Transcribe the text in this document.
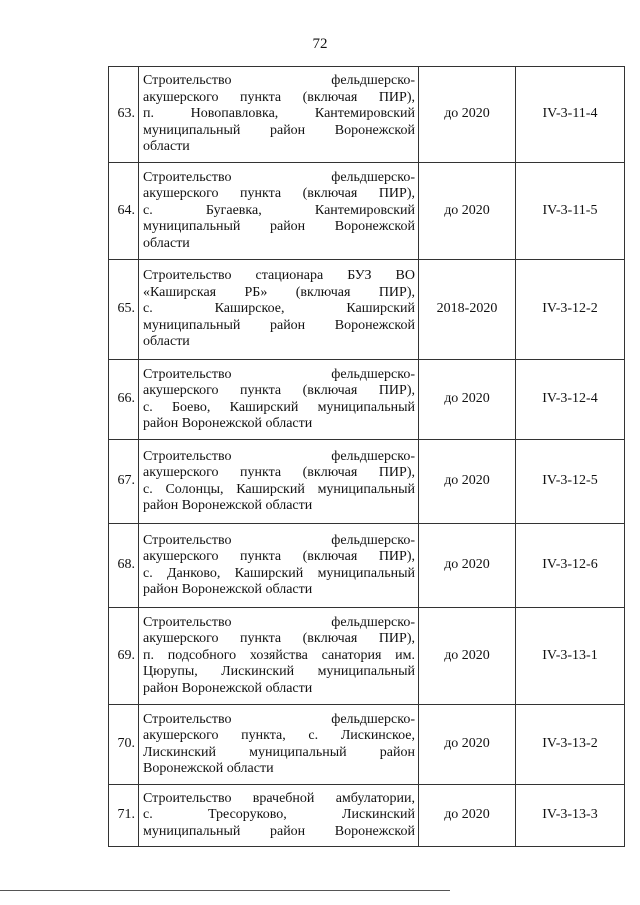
72
63.	Строительство фельдшерско-
акушерского пункта (включая ПИР),
п. Новопавловка, Кантемировский
муниципальный район Воронежской
области	до 2020	IV-3-11-4
64.	Строительство фельдшерско-
акушерского пункта (включая ПИР),
с. Бугаевка, Кантемировский
муниципальный район Воронежской
области	до 2020	IV-3-11-5
65.	Строительство стационара БУЗ ВО
«Каширская РБ» (включая ПИР),
с. Каширское, Каширский
муниципальный район Воронежской
области	2018-2020	IV-3-12-2
66.	Строительство фельдшерско-
акушерского пункта (включая ПИР),
с. Боево, Каширский муниципальный
район Воронежской области	до 2020	IV-3-12-4
67.	Строительство фельдшерско-
акушерского пункта (включая ПИР),
с. Солонцы, Каширский муниципальный
район Воронежской области	до 2020	IV-3-12-5
68.	Строительство фельдшерско-
акушерского пункта (включая ПИР),
с. Данково, Каширский муниципальный
район Воронежской области	до 2020	IV-3-12-6
69.	Строительство фельдшерско-
акушерского пункта (включая ПИР),
п. подсобного хозяйства санатория им.
Цюрупы, Лискинский муниципальный
район Воронежской области	до 2020	IV-3-13-1
70.	Строительство фельдшерско-
акушерского пункта, с. Лискинское,
Лискинский муниципальный район
Воронежской области	до 2020	IV-3-13-2
71.	Строительство врачебной амбулатории,
с. Тресоруково, Лискинский
муниципальный район Воронежской	до 2020	IV-3-13-3
